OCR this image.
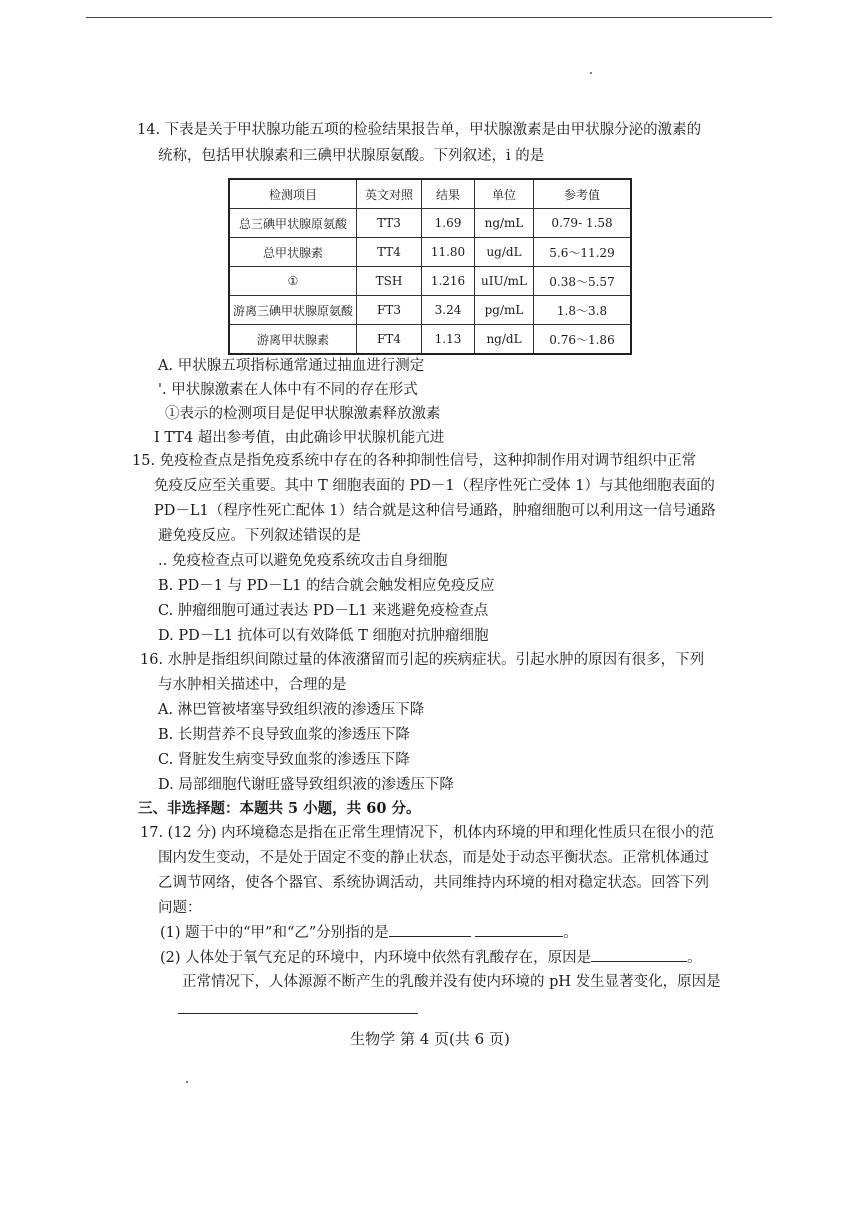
14. 下表是关于甲状腺功能五项的检验结果报告单，甲状腺激素是由甲状腺分泌的激素的
统称，包括甲状腺素和三碘甲状腺原氨酸。下列叙述，i 的是
检测项目	英文对照	结果	单位	参考值
总三碘甲状腺原氨酸	TT3	1.69	ng/mL	0.79- 1.58
总甲状腺素	TT4	11.80	ug/dL	5.6～11.29
①	TSH	1.216	uIU/mL	0.38～5.57
游离三碘甲状腺原氨酸	FT3	3.24	pg/mL	1.8～3.8
游离甲状腺素	FT4	1.13	ng/dL	0.76～1.86
A. 甲状腺五项指标通常通过抽血进行测定
'. 甲状腺激素在人体中有不同的存在形式
①表示的检测项目是促甲状腺激素释放激素
I TT4 超出参考值，由此确诊甲状腺机能亢进
15. 免疫检查点是指免疫系统中存在的各种抑制性信号，这种抑制作用对调节组织中正常
免疫反应至关重要。其中 T 细胞表面的 PD－1（程序性死亡受体 1）与其他细胞表面的
PD－L1（程序性死亡配体 1）结合就是这种信号通路，肿瘤细胞可以利用这一信号通路
避免疫反应。下列叙述错误的是
.. 免疫检查点可以避免免疫系统攻击自身细胞
B. PD－1 与 PD－L1 的结合就会触发相应免疫反应
C. 肿瘤细胞可通过表达 PD－L1 来逃避免疫检查点
D. PD－L1 抗体可以有效降低 T 细胞对抗肿瘤细胞
16. 水肿是指组织间隙过量的体液潴留而引起的疾病症状。引起水肿的原因有很多，下列
与水肿相关描述中，合理的是
A. 淋巴管被堵塞导致组织液的渗透压下降
B. 长期营养不良导致血浆的渗透压下降
C. 肾脏发生病变导致血浆的渗透压下降
D. 局部细胞代谢旺盛导致组织液的渗透压下降
三、非选择题：本题共 5 小题，共 60 分。
17. (12 分) 内环境稳态是指在正常生理情况下，机体内环境的甲和理化性质只在很小的范
围内发生变动，不是处于固定不变的静止状态，而是处于动态平衡状态。正常机体通过
乙调节网络，使各个器官、系统协调活动，共同维持内环境的相对稳定状态。回答下列
问题：
(1) 题干中的“甲”和“乙”分别指的是	。
(2) 人体处于氧气充足的环境中，内环境中依然有乳酸存在，原因是	。
正常情况下，人体源源不断产生的乳酸并没有使内环境的 pH 发生显著变化，原因是
生物学 第 4 页(共 6 页)
